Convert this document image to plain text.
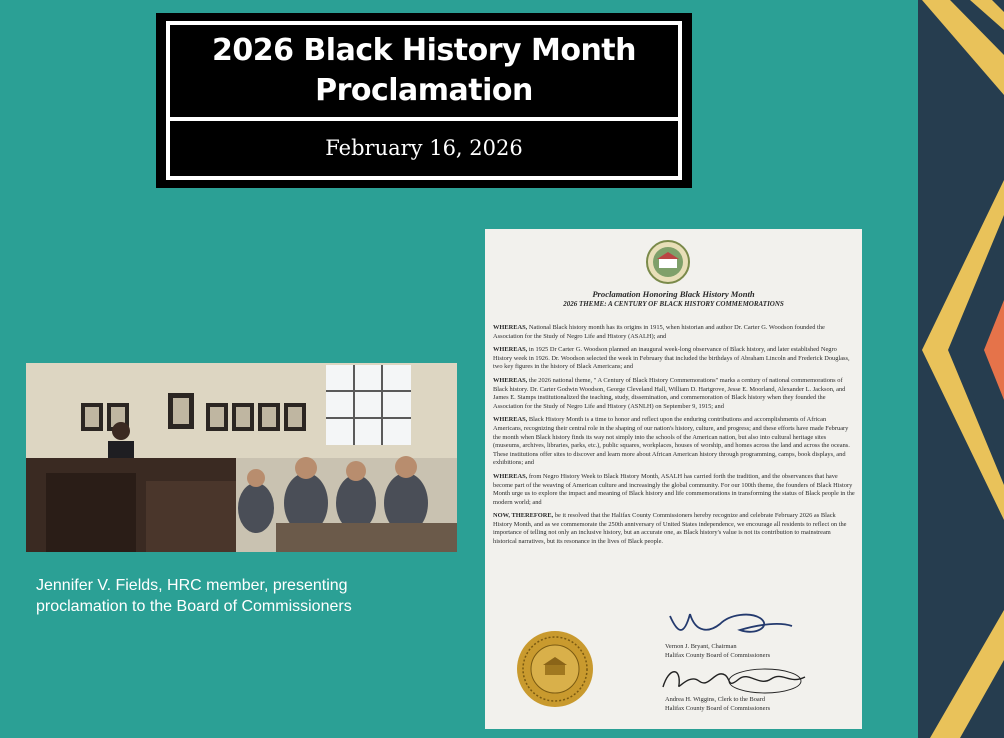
2026 Black History Month
Proclamation
February 16, 2026
Jennifer V. Fields, HRC member, presenting
proclamation to the Board of Commissioners
Proclamation Honoring Black History Month
2026 THEME: A CENTURY OF BLACK HISTORY COMMEMORATIONS

WHEREAS, National Black history month has its origins in 1915, when historian and author Dr. Carter G. Woodson founded the Association for the Study of Negro Life and History (ASALH); and

WHEREAS, in 1925 Dr Carter G. Woodson planned an inaugural week-long observance of Black history, and later established Negro History week in 1926. Dr. Woodson selected the week in February that included the birthdays of Abraham Lincoln and Frederick Douglass, two key figures in the history of Black Americans; and

WHEREAS, the 2026 national theme, " A Century of Black History Commemorations" marks a century of national commemorations of Black history. Dr. Carter Godwin Woodson, George Cleveland Hall, William D. Hartgrove, Jesse E. Moorland, Alexander L. Jackson, and James E. Stamps institutionalized the teaching, study, dissemination, and commemoration of Black history when they founded the Association for the Study of Negro Life and History (ASNLH) on September 9, 1915; and

WHEREAS, Black History Month is a time to honor and reflect upon the enduring contributions and accomplishments of African Americans, recognizing their central role in the shaping of our nation's history, culture, and progress; and these efforts have made February the month when Black history finds its way not simply into the schools of the American nation, but also into cultural heritage sites (museums, archives, libraries, parks, etc.), public squares, workplaces, houses of worship, and homes across the land and across the oceans. These institutions offer sites to discover and learn more about African American history through programming, camps, book displays, and exhibitions; and

WHEREAS, from Negro History Week to Black History Month, ASALH has carried forth the tradition, and the observances that have become part of the weaving of American culture and increasingly the global community. For our 100th theme, the founders of Black History Month urge us to explore the impact and meaning of Black history and life commemorations in transforming the status of Black people in the modern world; and

NOW, THEREFORE, be it resolved that the Halifax County Commissioners hereby recognize and celebrate February 2026 as Black History Month, and as we commemorate the 250th anniversary of United States independence, we encourage all residents to reflect on the importance of telling not only an inclusive history, but an accurate one, as Black history's value is not its contribution to mainstream historical narratives, but its resonance in the lives of Black people.

Vernon J. Bryant, Chairman
Halifax County Board of Commissioners
Andrea H. Wiggins, Clerk to the Board
Halifax County Board of Commissioners
